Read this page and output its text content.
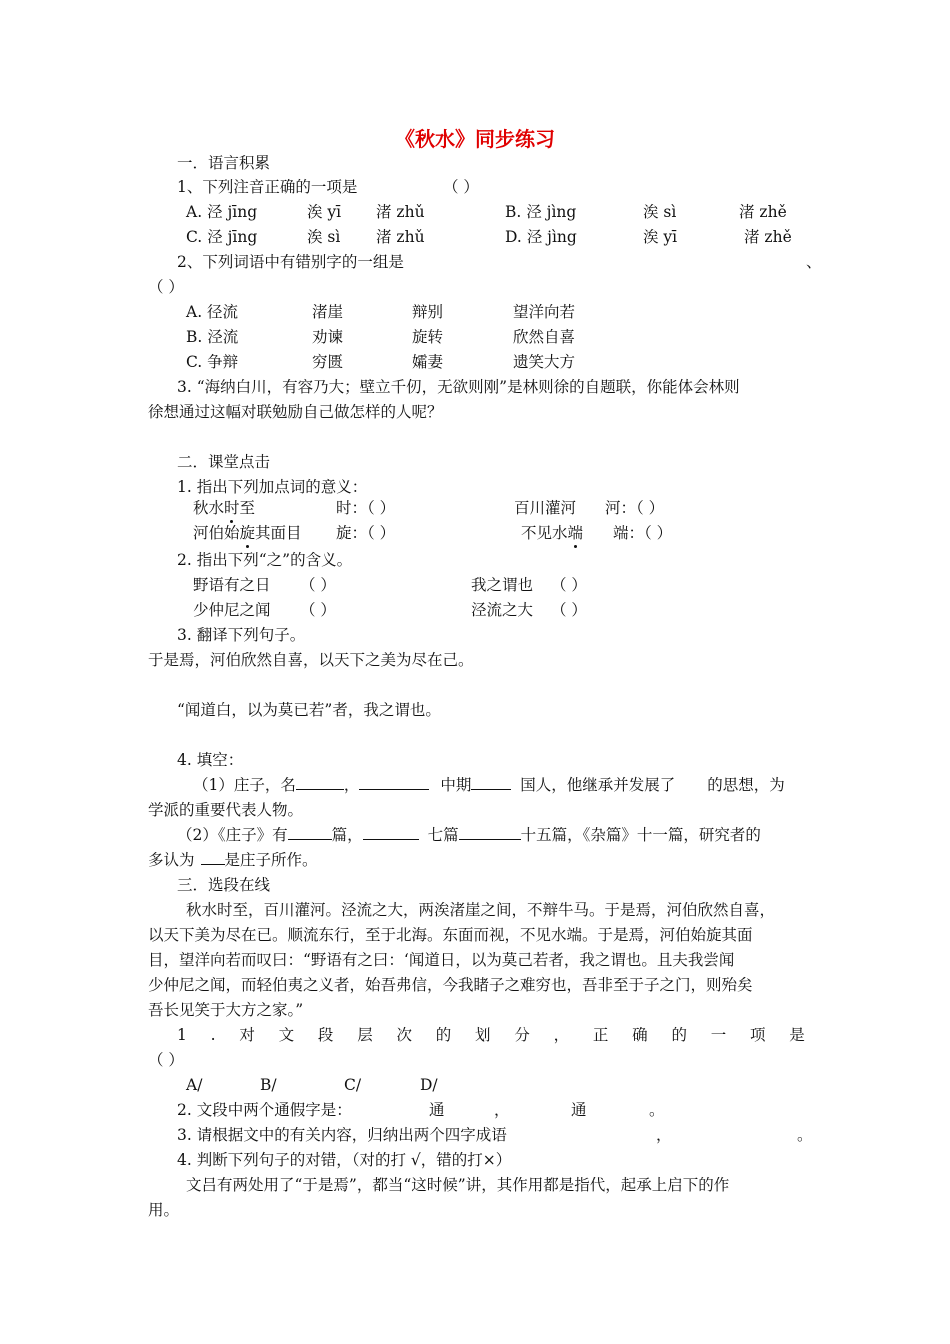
《秋水》同步练习
一．语言积累
1、下列注音正确的一项是	（ ）
A. 泾 jīng	涘 yī 渚 zhǔ	B. 泾 jìng	涘 sì	渚 zhě
C. 泾 jīng	涘 sì 渚 zhǔ	D. 泾 jìng	涘 yī	渚 zhě
2、下列词语中有错别字的一组是	、
（ ）
A. 径流	渚崖	辩别	望洋向若
B. 泾流	劝谏	旋转	欣然自喜
C. 争辩	穷匮	孀妻	遗笑大方
3. “海纳白川，有容乃大；壁立千仞，无欲则刚”是林则徐的自题联，你能体会林则
徐想通过这幅对联勉励自己做怎样的人呢？
二．课堂点击
1. 指出下列加点词的意义：
秋水时至	时：（ ）	百川灌河 河：（ ）
河伯始旋其面目 旋：（ ）	不见水端 端：（ ）
2. 指出下列“之”的含义。
野语有之日 （ ）	我之谓也 （ ）
少仲尼之闻 （ ）	泾流之大 （ ）
3. 翻译下列句子。
于是焉，河伯欣然自喜，以天下之美为尽在己。
“闻道白，以为莫已若”者，我之谓也。
4. 填空：
（1）庄子，名	，	中期	国人，他继承并发展了 的思想，为
学派的重要代表人物。
（2）《庄子》有	篇，	七篇	十五篇，《杂篇》十一篇，研究者的
多认为 是庄子所作。
三．选段在线
秋水时至，百川灌河。泾流之大，两涘渚崖之间，不辩牛马。于是焉，河伯欣然自喜，
以天下美为尽在已。顺流东行，至于北海。东面而视，不见水端。于是焉，河伯始旋其面
目，望洋向若而叹曰：“野语有之曰：‘闻道日，以为莫己若者，我之谓也。且夫我尝闻
少仲尼之闻，而轻伯夷之义者，始吾弗信，今我睹子之难穷也，吾非至于子之门，则殆矣
吾长见笑于大方之家。”
1 . 对 文 段 层 次 的 划 分 ， 正 确 的 一 项 是
（ ）
A/	B/	C/	D/
2. 文段中两个通假字是：	通	，	通	。
3. 请根据文中的有关内容，归纳出两个四字成语	，	。
4. 判断下列句子的对错，（对的打 √，错的打×）
文吕有两处用了“于是焉”，都当“这时候”讲，其作用都是指代，起承上启下的作
用。
